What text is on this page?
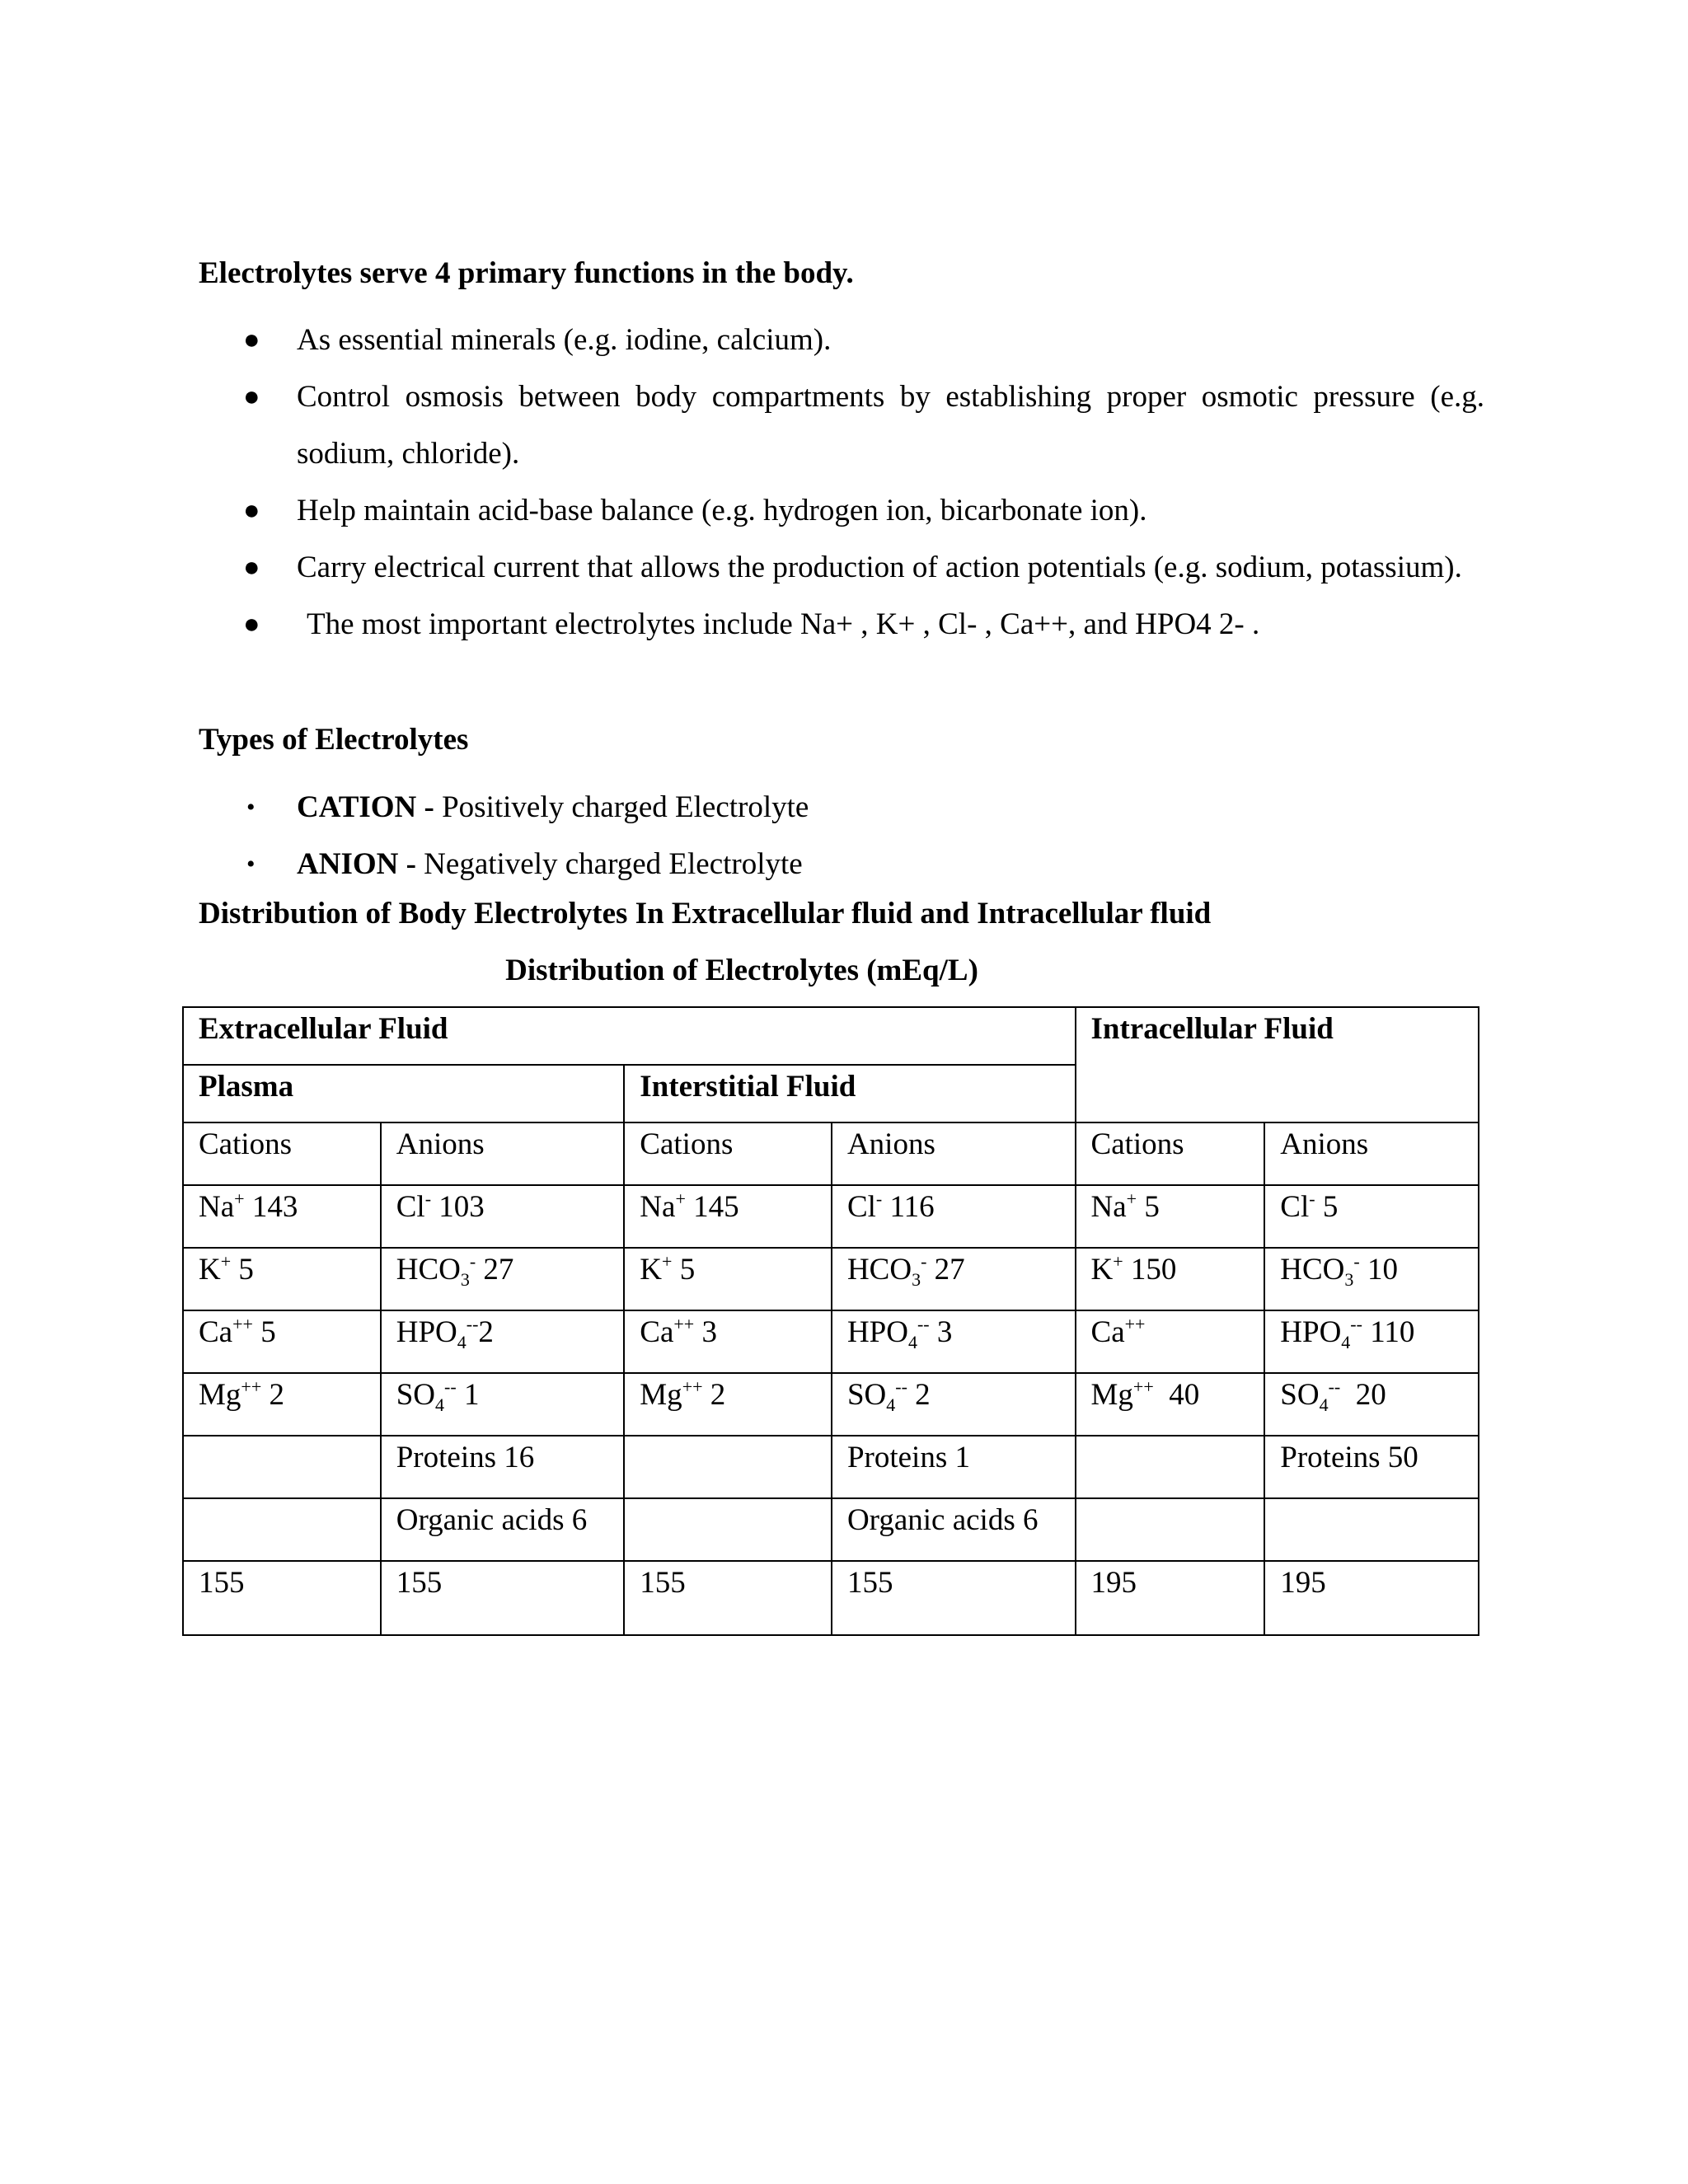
Electrolytes serve 4 primary functions in the body.
● As essential minerals (e.g. iodine, calcium).
● Control osmosis between body compartments by establishing proper osmotic pressure (e.g. sodium, chloride).
● Help maintain acid-base balance (e.g. hydrogen ion, bicarbonate ion).
● Carry electrical current that allows the production of action potentials (e.g. sodium, potassium).
●	The most important electrolytes include Na+ , K+ , Cl- , Ca++, and HPO4 2- .
Types of Electrolytes
• CATION - Positively charged Electrolyte
• ANION - Negatively charged Electrolyte
Distribution of Body Electrolytes In Extracellular fluid and Intracellular fluid
Distribution of Electrolytes (mEq/L)
Extracellular Fluid				Intracellular Fluid	
Plasma		Interstitial Fluid			
Cations	Anions	Cations	Anions	Cations	Anions
Na+ 143	Cl- 103	Na+ 145	Cl- 116	Na+ 5	Cl- 5
K+ 5	$HCO_3^-$ 27	K+ 5	$HCO_3^-$ 27	K+ 150	$HCO_3^-$ 10
Ca++ 5	$HPO_4^{--}2$	Ca++ 3	$HPO_4^{--}$ 3	Ca++	$HPO_4^{--}$ 110
Mg++ 2	$SO_4^{--}$ 1	Mg++ 2	$SO_4^{--}$ 2	Mg++ 40	$SO_4^{--}$ 20
	Proteins 16		Proteins 1		Proteins 50
	Organic acids 6		Organic acids 6		
155	155	155	155	195	195
